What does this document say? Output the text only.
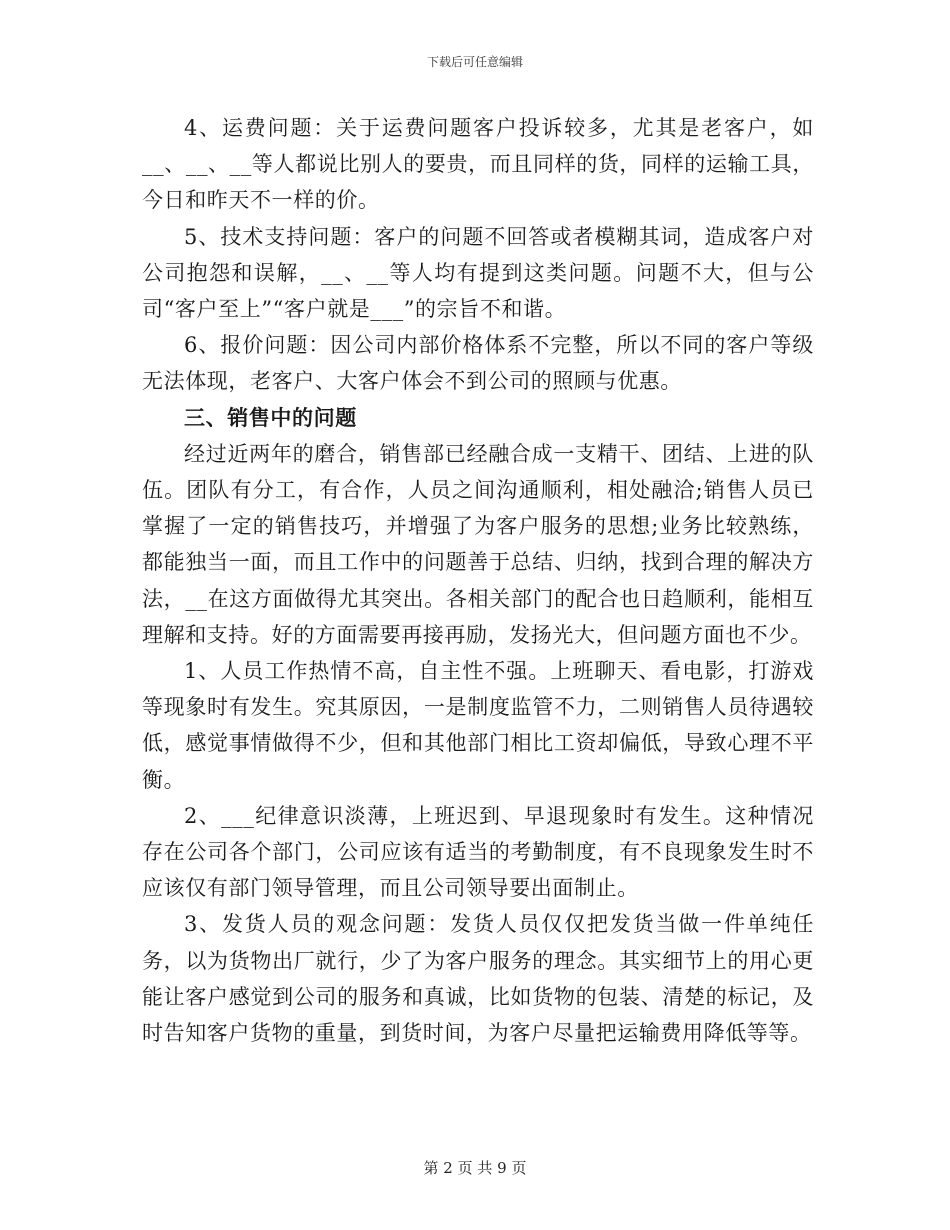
下载后可任意编辑

4、运费问题：关于运费问题客户投诉较多，尤其是老客户，如__、__、__等人都说比别人的要贵，而且同样的货，同样的运输工具，今日和昨天不一样的价。

5、技术支持问题：客户的问题不回答或者模糊其词，造成客户对公司抱怨和误解，__、__等人均有提到这类问题。问题不大，但与公司“客户至上”“客户就是___”的宗旨不和谐。

6、报价问题：因公司内部价格体系不完整，所以不同的客户等级无法体现，老客户、大客户体会不到公司的照顾与优惠。

三、销售中的问题

经过近两年的磨合，销售部已经融合成一支精干、团结、上进的队伍。团队有分工，有合作，人员之间沟通顺利，相处融洽;销售人员已掌握了一定的销售技巧，并增强了为客户服务的思想;业务比较熟练，都能独当一面，而且工作中的问题善于总结、归纳，找到合理的解决方法，__在这方面做得尤其突出。各相关部门的配合也日趋顺利，能相互理解和支持。好的方面需要再接再励，发扬光大，但问题方面也不少。

1、人员工作热情不高，自主性不强。上班聊天、看电影，打游戏等现象时有发生。究其原因，一是制度监管不力，二则销售人员待遇较低，感觉事情做得不少，但和其他部门相比工资却偏低，导致心理不平衡。

2、___纪律意识淡薄，上班迟到、早退现象时有发生。这种情况存在公司各个部门，公司应该有适当的考勤制度，有不良现象发生时不应该仅有部门领导管理，而且公司领导要出面制止。

3、发货人员的观念问题：发货人员仅仅把发货当做一件单纯任务，以为货物出厂就行，少了为客户服务的理念。其实细节上的用心更能让客户感觉到公司的服务和真诚，比如货物的包装、清楚的标记，及时告知客户货物的重量，到货时间，为客户尽量把运输费用降低等等。

第 2 页 共 9 页
